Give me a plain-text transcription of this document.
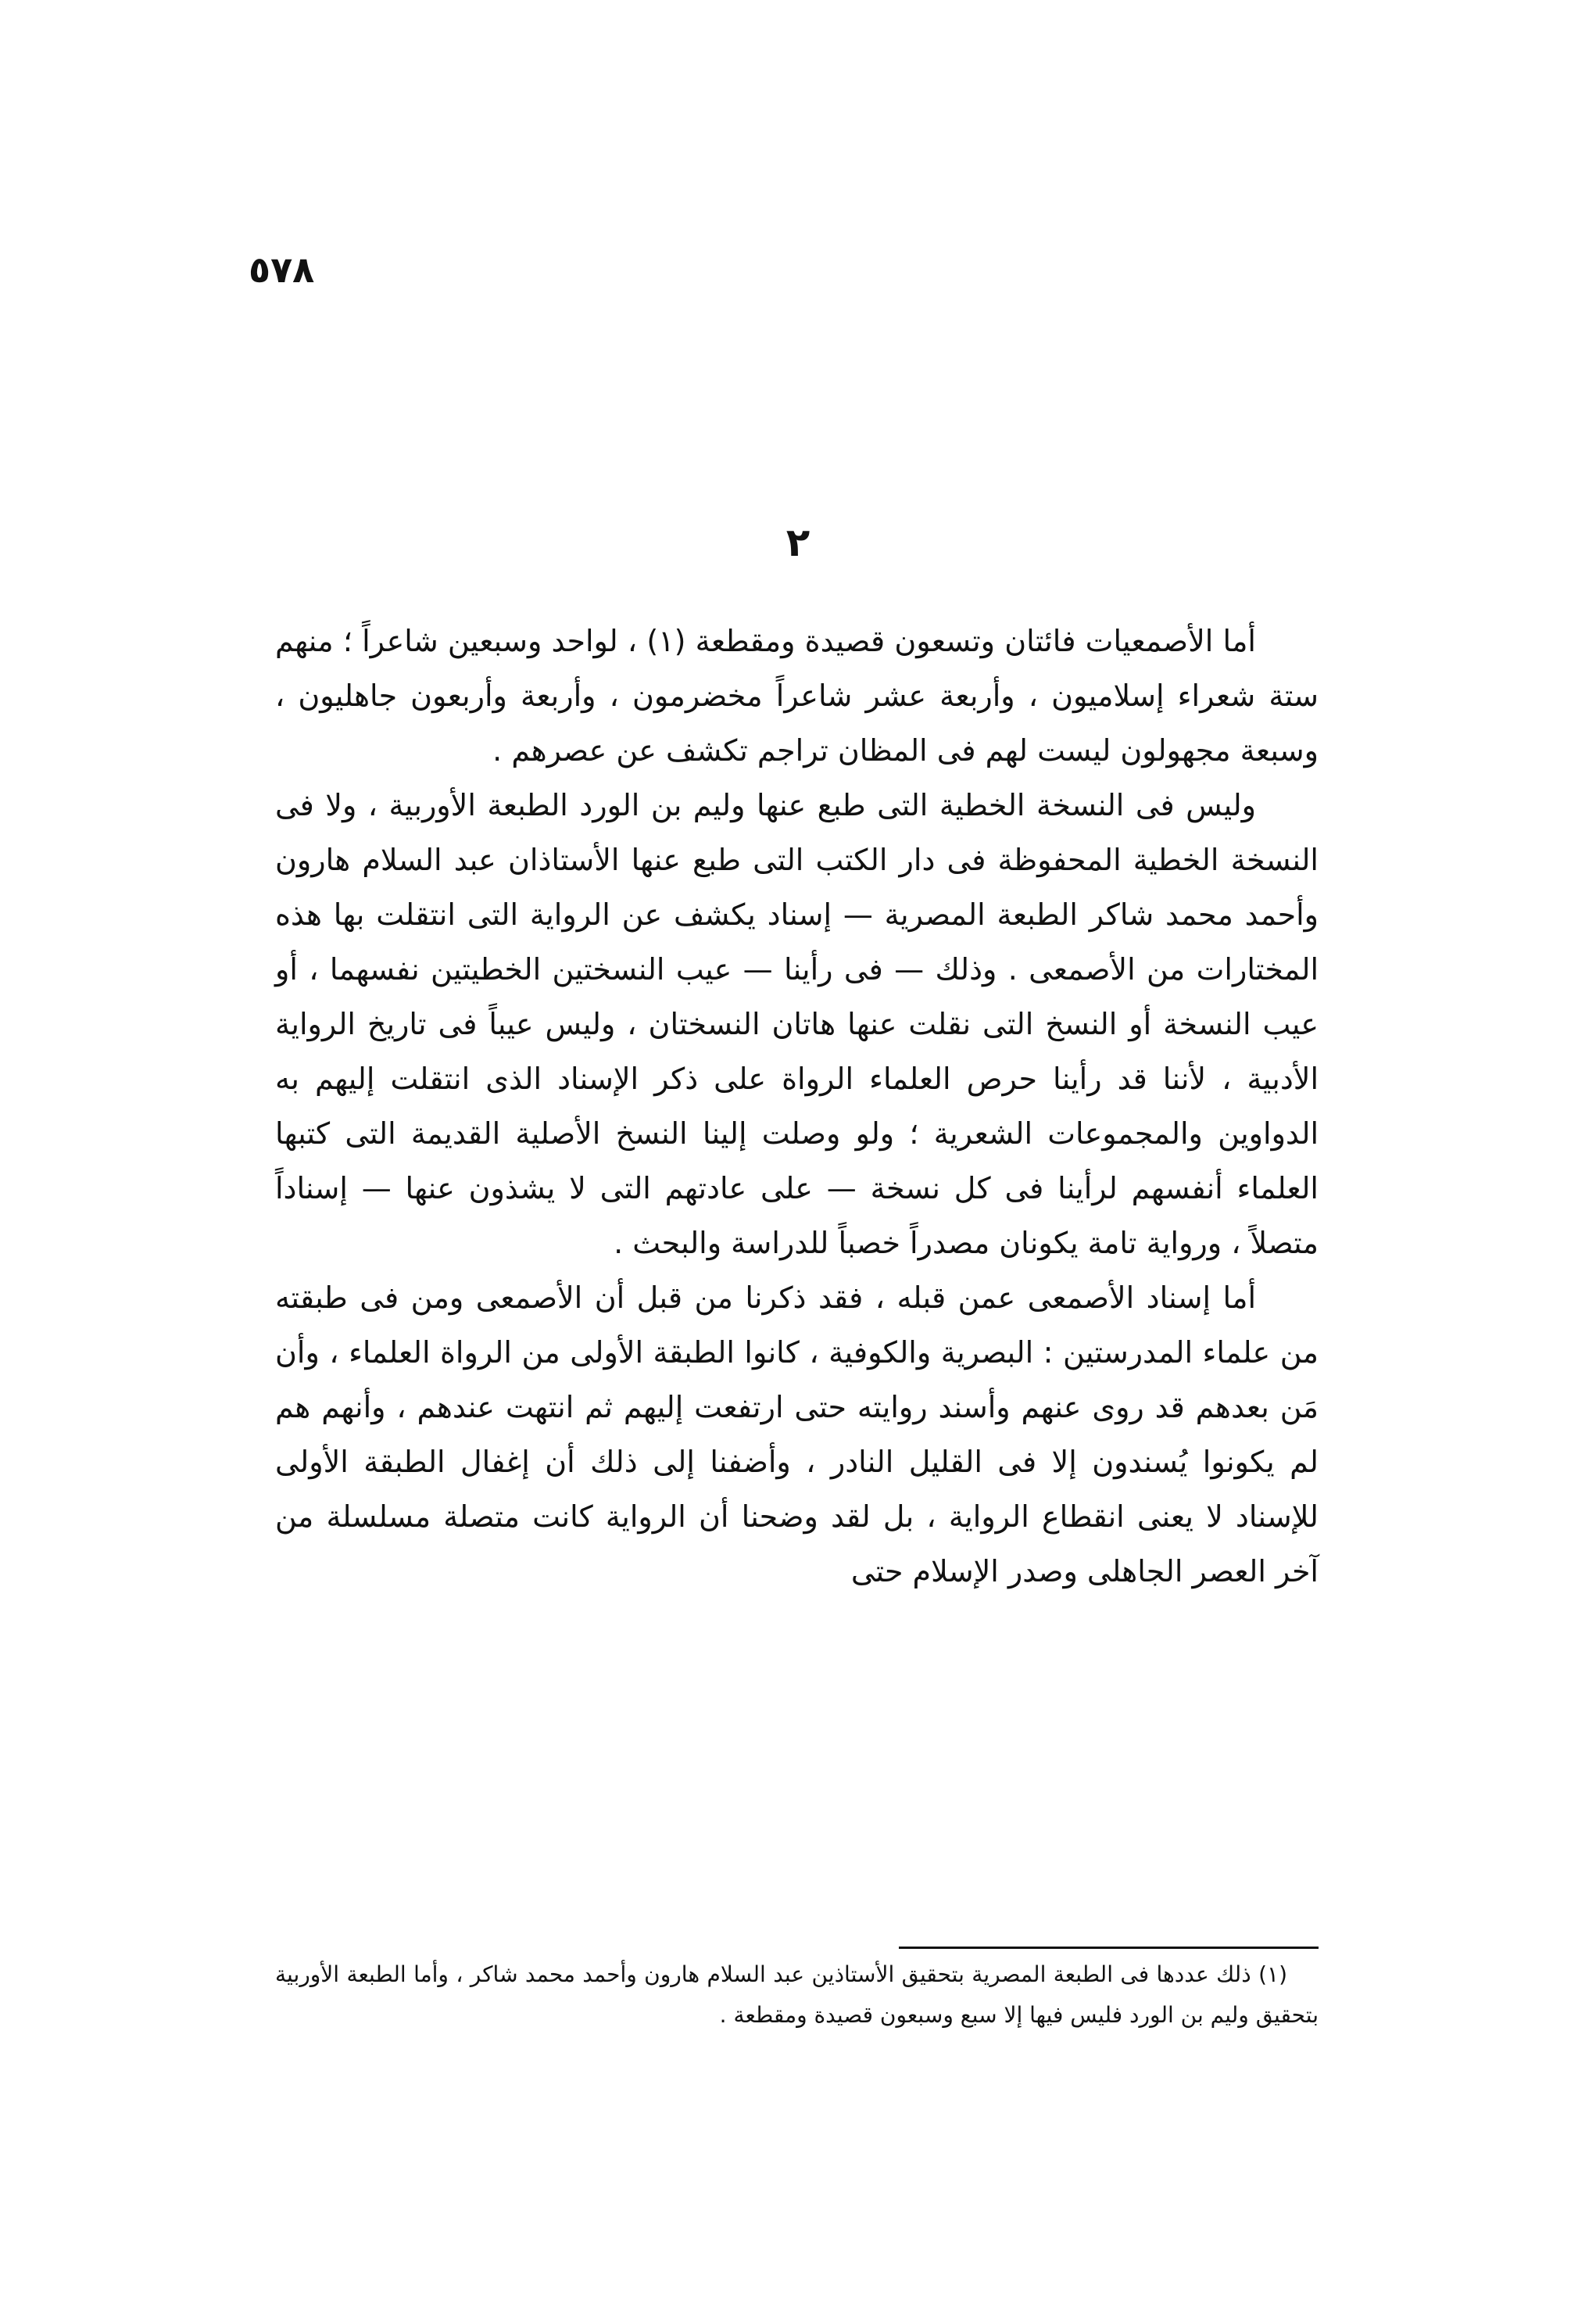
٥٧٨
٢

أما الأصمعيات فائتان وتسعون قصيدة ومقطعة (١) ، لواحد وسبعين شاعراً ؛ منهم ستة شعراء إسلاميون ، وأربعة عشر شاعراً مخضرمون ، وأربعة وأربعون جاهليون ، وسبعة مجهولون ليست لهم فى المظان تراجم تكشف عن عصرهم .

وليس فى النسخة الخطية التى طبع عنها وليم بن الورد الطبعة الأوربية ، ولا فى النسخة الخطية المحفوظة فى دار الكتب التى طبع عنها الأستاذان عبد السلام هارون وأحمد محمد شاكر الطبعة المصرية — إسناد يكشف عن الرواية التى انتقلت بها هذه المختارات من الأصمعى . وذلك — فى رأينا — عيب النسختين الخطيتين نفسهما ، أو عيب النسخة أو النسخ التى نقلت عنها هاتان النسختان ، وليس عيباً فى تاريخ الرواية الأدبية ، لأننا قد رأينا حرص العلماء الرواة على ذكر الإسناد الذى انتقلت إليهم به الدواوين والمجموعات الشعرية ؛ ولو وصلت إلينا النسخ الأصلية القديمة التى كتبها العلماء أنفسهم لرأينا فى كل نسخة — على عادتهم التى لا يشذون عنها — إسناداً متصلاً ، ورواية تامة يكونان مصدراً خصباً للدراسة والبحث .

أما إسناد الأصمعى عمن قبله ، فقد ذكرنا من قبل أن الأصمعى ومن فى طبقته من علماء المدرستين : البصرية والكوفية ، كانوا الطبقة الأولى من الرواة العلماء ، وأن مَن بعدهم قد روى عنهم وأسند روايته حتى ارتفعت إليهم ثم انتهت عندهم ، وأنهم هم لم يكونوا يُسندون إلا فى القليل النادر ، وأضفنا إلى ذلك أن إغفال الطبقة الأولى للإسناد لا يعنى انقطاع الرواية ، بل لقد وضحنا أن الرواية كانت متصلة مسلسلة من آخر العصر الجاهلى وصدر الإسلام حتى

(١) ذلك عددها فى الطبعة المصرية بتحقيق الأستاذين عبد السلام هارون وأحمد محمد شاكر ، وأما الطبعة الأوربية بتحقيق وليم بن الورد فليس فيها إلا سبع وسبعون قصيدة ومقطعة .
